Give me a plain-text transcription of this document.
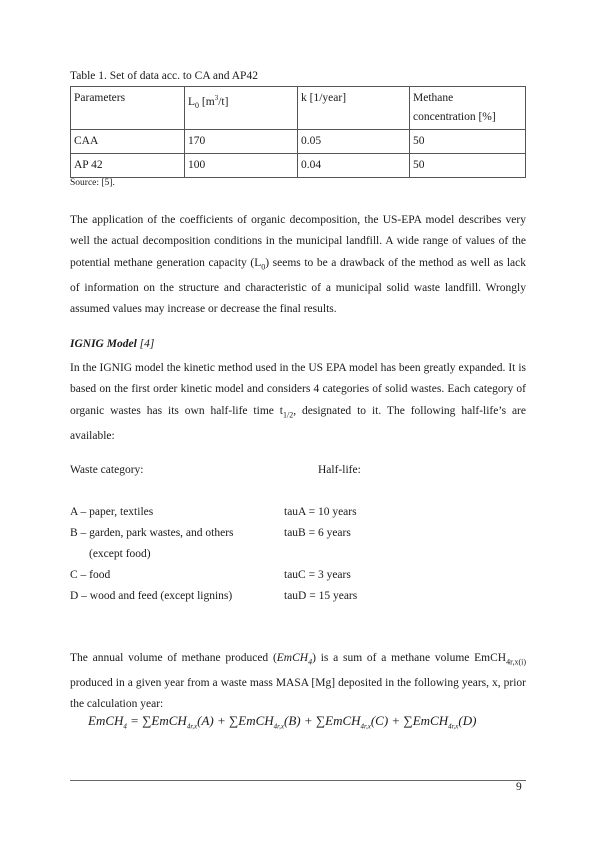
Table 1. Set of data acc. to CA and AP42
Parameters	$L_0$ $[m^3/t]$	k [1/year]	Methane
concentration [%]
CAA	170	0.05	50
AP 42	100	0.04	50
Source: [5].
The application of the coefficients of organic decomposition, the US-EPA model describes very well the actual decomposition conditions in the municipal landfill. A wide range of values of the potential methane generation capacity $(L_0)$ seems to be a drawback of the method as well as lack of information on the structure and characteristic of a municipal solid waste landfill. Wrongly assumed values may increase or decrease the final results.
IGNIG Model [4]
In the IGNIG model the kinetic method used in the US EPA model has been greatly expanded. It is based on the first order kinetic model and considers 4 categories of solid wastes. Each category of organic wastes has its own half-life time $t_{1/2}$, designated to it. The following half-life’s are available:
Waste category:	Half-life:
A – paper, textiles	tauA = 10 years
B – garden, park wastes, and others	tauB = 6 years
(except food)
C – food	tauC = 3 years
D – wood and feed (except lignins)	tauD = 15 years
The annual volume of methane produced (EmCH$_4$) is a sum of a methane volume EmCH$_{4r,x(i)}$ produced in a given year from a waste mass MASA [Mg] deposited in the following years, x, prior the calculation year:
EmCH$_4$ = ∑EmCH$_{4r,x}$(A) + ∑EmCH$_{4r,x}$(B) + ∑EmCH$_{4r,x}$(C) + ∑EmCH$_{4r,x}$(D)
9
